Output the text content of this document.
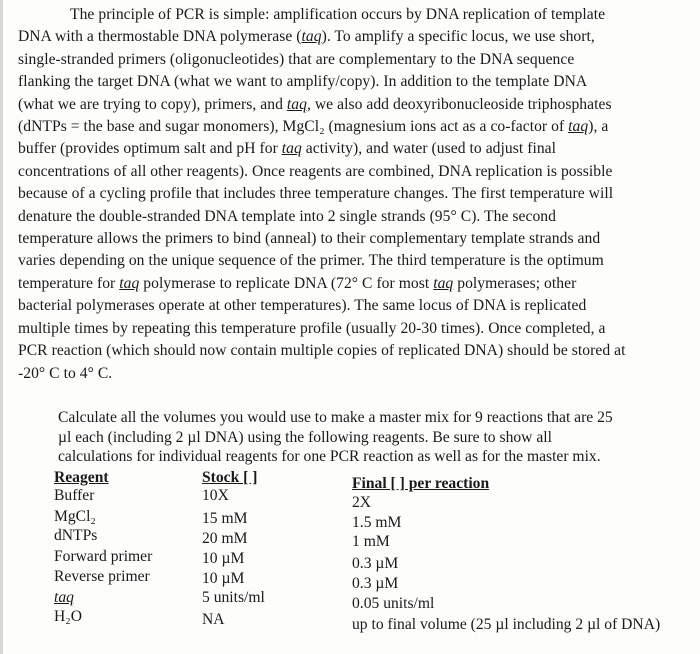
The principle of PCR is simple: amplification occurs by DNA replication of template
DNA with a thermostable DNA polymerase (taq). To amplify a specific locus, we use short,
single-stranded primers (oligonucleotides) that are complementary to the DNA sequence
flanking the target DNA (what we want to amplify/copy). In addition to the template DNA
(what we are trying to copy), primers, and taq, we also add deoxyribonucleoside triphosphates
(dNTPs = the base and sugar monomers), MgCl₂ (magnesium ions act as a co-factor of taq), a
buffer (provides optimum salt and pH for taq activity), and water (used to adjust final
concentrations of all other reagents). Once reagents are combined, DNA replication is possible
because of a cycling profile that includes three temperature changes. The first temperature will
denature the double-stranded DNA template into 2 single strands (95° C). The second
temperature allows the primers to bind (anneal) to their complementary template strands and
varies depending on the unique sequence of the primer. The third temperature is the optimum
temperature for taq polymerase to replicate DNA (72° C for most taq polymerases; other
bacterial polymerases operate at other temperatures). The same locus of DNA is replicated
multiple times by repeating this temperature profile (usually 20-30 times). Once completed, a
PCR reaction (which should now contain multiple copies of replicated DNA) should be stored at
-20° C to 4° C.
Calculate all the volumes you would use to make a master mix for 9 reactions that are 25
µl each (including 2 µl DNA) using the following reagents. Be sure to show all
calculations for individual reagents for one PCR reaction as well as for the master mix.
Reagent	Stock [ ]	Final [ ] per reaction
Buffer	10X	2X
MgCl₂	15 mM	1.5 mM
dNTPs	20 mM	1 mM
Forward primer	10 µM	0.3 µM
Reverse primer	10 µM	0.3 µM
taq	5 units/ml	0.05 units/ml
H₂O	NA	up to final volume (25 µl including 2 µl of DNA)
